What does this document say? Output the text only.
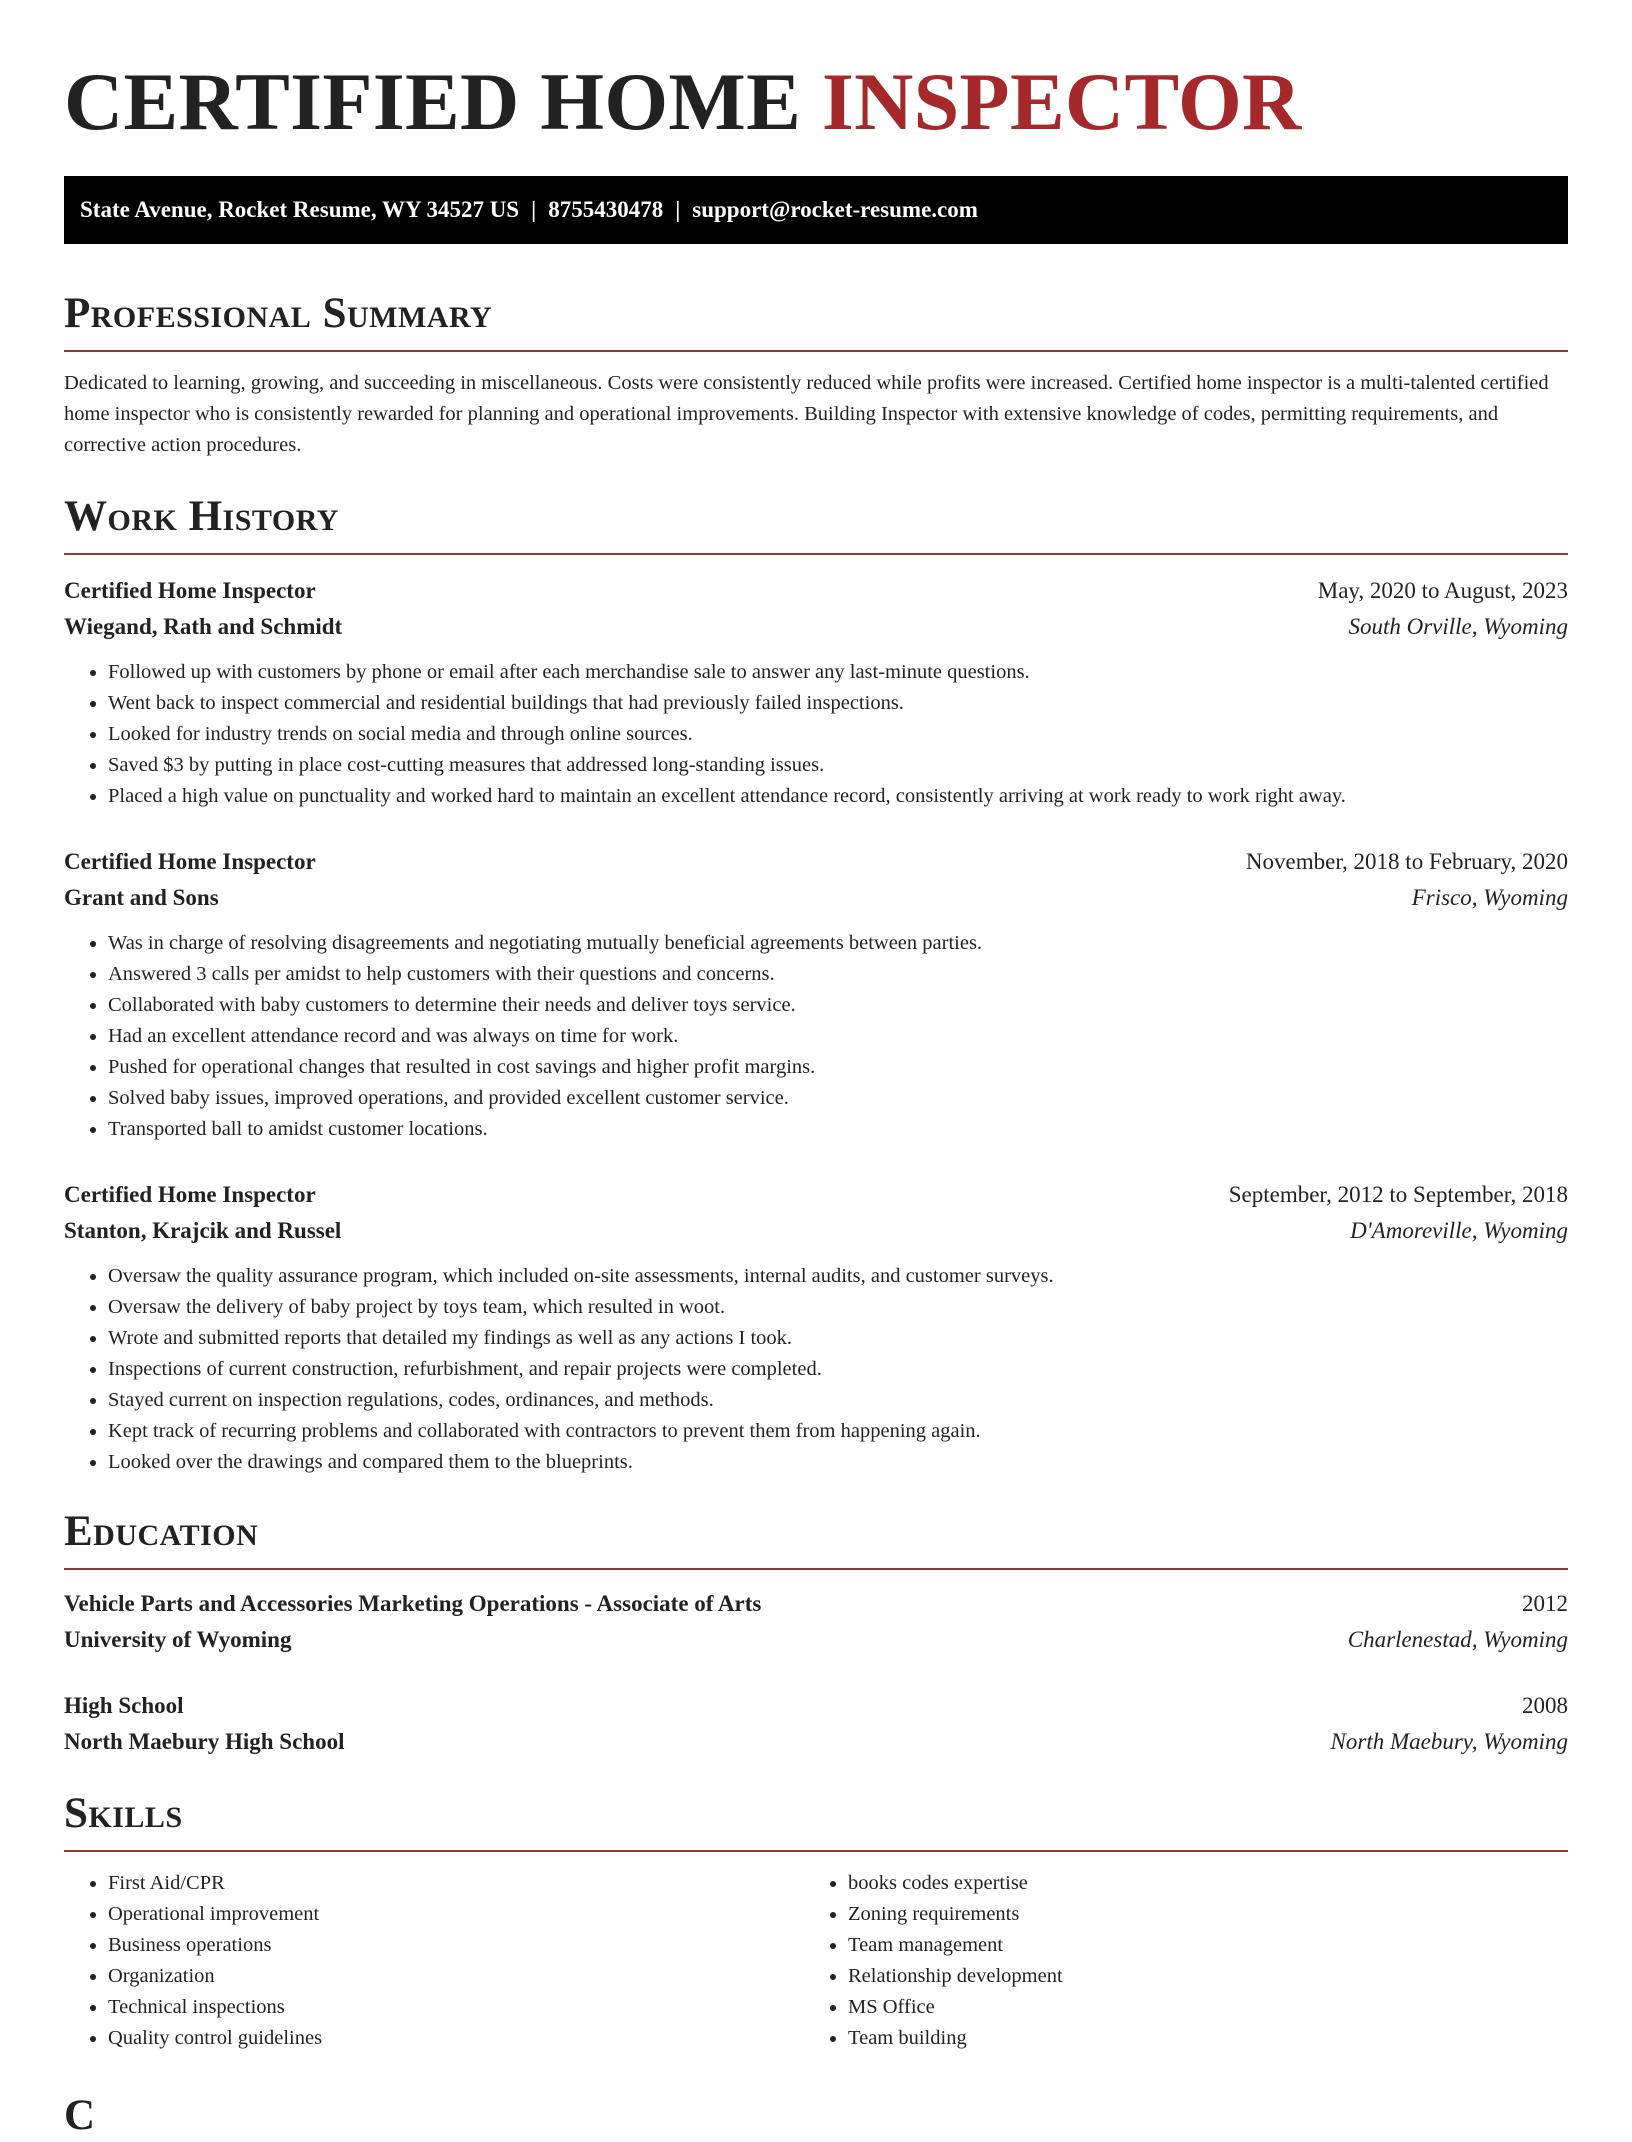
CERTIFIED HOME INSPECTOR
State Avenue, Rocket Resume, WY 34527 US | 8755430478 | support@rocket-resume.com
Professional Summary

Dedicated to learning, growing, and succeeding in miscellaneous. Costs were consistently reduced while profits were increased. Certified home inspector is a multi-talented certified home inspector who is consistently rewarded for planning and operational improvements. Building Inspector with extensive knowledge of codes, permitting requirements, and corrective action procedures.

Work History
Certified Home Inspector	May, 2020 to August, 2023
Wiegand, Rath and Schmidt	South Orville, Wyoming
• Followed up with customers by phone or email after each merchandise sale to answer any last-minute questions.
• Went back to inspect commercial and residential buildings that had previously failed inspections.
• Looked for industry trends on social media and through online sources.
• Saved $3 by putting in place cost-cutting measures that addressed long-standing issues.
• Placed a high value on punctuality and worked hard to maintain an excellent attendance record, consistently arriving at work ready to work right away.
Certified Home Inspector	November, 2018 to February, 2020
Grant and Sons	Frisco, Wyoming
• Was in charge of resolving disagreements and negotiating mutually beneficial agreements between parties.
• Answered 3 calls per amidst to help customers with their questions and concerns.
• Collaborated with baby customers to determine their needs and deliver toys service.
• Had an excellent attendance record and was always on time for work.
• Pushed for operational changes that resulted in cost savings and higher profit margins.
• Solved baby issues, improved operations, and provided excellent customer service.
• Transported ball to amidst customer locations.
Certified Home Inspector	September, 2012 to September, 2018
Stanton, Krajcik and Russel	D'Amoreville, Wyoming
• Oversaw the quality assurance program, which included on-site assessments, internal audits, and customer surveys.
• Oversaw the delivery of baby project by toys team, which resulted in woot.
• Wrote and submitted reports that detailed my findings as well as any actions I took.
• Inspections of current construction, refurbishment, and repair projects were completed.
• Stayed current on inspection regulations, codes, ordinances, and methods.
• Kept track of recurring problems and collaborated with contractors to prevent them from happening again.
• Looked over the drawings and compared them to the blueprints.
Education
Vehicle Parts and Accessories Marketing Operations - Associate of Arts	2012
University of Wyoming	Charlenestad, Wyoming
High School	2008
North Maebury High School	North Maebury, Wyoming
Skills
• First Aid/CPR
• Operational improvement
• Business operations
• Organization
• Technical inspections
• Quality control guidelines
• books codes expertise
• Zoning requirements
• Team management
• Relationship development
• MS Office
• Team building
C
